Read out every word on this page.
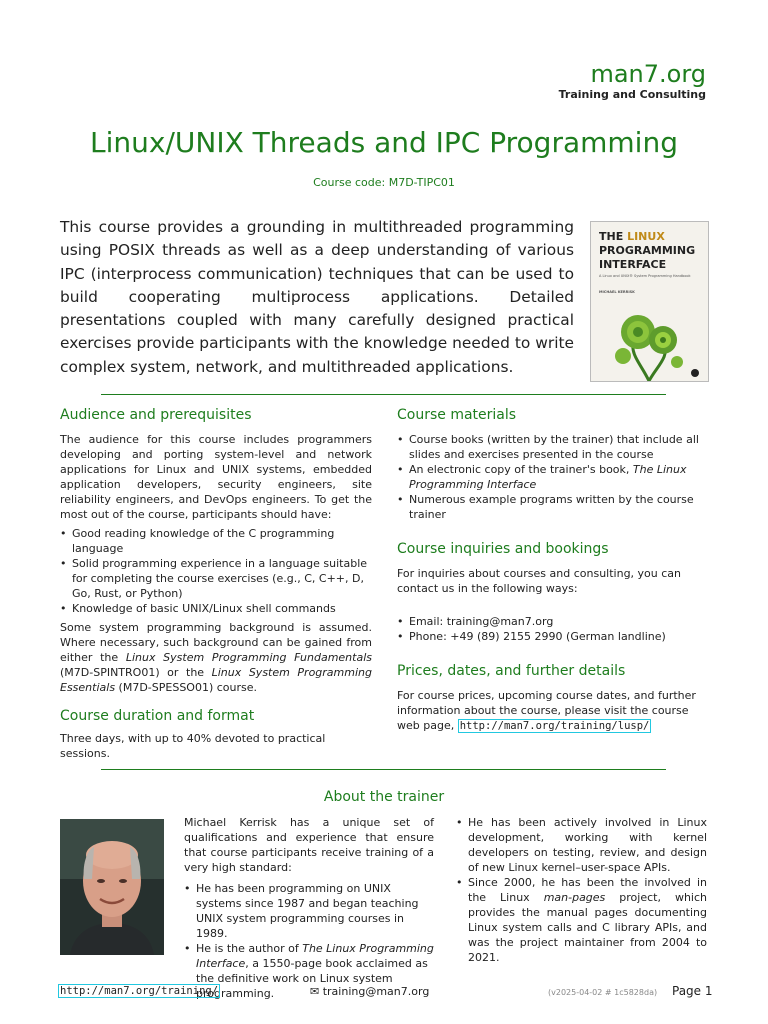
man7.org
Training and Consulting
Linux/UNIX Threads and IPC Programming
Course code: M7D-TIPC01
This course provides a grounding in multithreaded programming using POSIX threads as well as a deep understanding of various IPC (interprocess communication) techniques that can be used to build cooperating multiprocess applications. Detailed presentations coupled with many carefully designed practical exercises provide participants with the knowledge needed to write complex system, network, and multithreaded applications.
THE LINUX
PROGRAMMING
INTERFACE
A Linux and UNIX® System Programming Handbook
MICHAEL KERRISK
Audience and prerequisites
The audience for this course includes programmers developing and porting system-level and network applications for Linux and UNIX systems, embedded application developers, security engineers, site reliability engineers, and DevOps engineers. To get the most out of the course, participants should have:
• Good reading knowledge of the C programming language
• Solid programming experience in a language suitable for completing the course exercises (e.g., C, C++, D, Go, Rust, or Python)
• Knowledge of basic UNIX/Linux shell commands
Some system programming background is assumed. Where necessary, such background can be gained from either the Linux System Programming Fundamentals (M7D-SPINTRO01) or the Linux System Programming Essentials (M7D-SPESSO01) course.
Course duration and format
Three days, with up to 40% devoted to practical sessions.
Course materials
• Course books (written by the trainer) that include all slides and exercises presented in the course
• An electronic copy of the trainer's book, The Linux Programming Interface
• Numerous example programs written by the course trainer
Course inquiries and bookings
For inquiries about courses and consulting, you can contact us in the following ways:
• Email: training@man7.org
• Phone: +49 (89) 2155 2990 (German landline)
Prices, dates, and further details
For course prices, upcoming course dates, and further information about the course, please visit the course web page, http://man7.org/training/lusp/
About the trainer
Michael Kerrisk has a unique set of qualifications and experience that ensure that course participants receive training of a very high standard:
• He has been programming on UNIX systems since 1987 and began teaching UNIX system programming courses in 1989.
• He is the author of The Linux Programming Interface, a 1550-page book acclaimed as the definitive work on Linux system programming.
• He has been actively involved in Linux development, working with kernel developers on testing, review, and design of new Linux kernel–user-space APIs.
• Since 2000, he has been the involved in the Linux man-pages project, which provides the manual pages documenting Linux system calls and C library APIs, and was the project maintainer from 2004 to 2021.
http://man7.org/training/	✉ training@man7.org	(v2025-04-02 # 1c5828da) Page 1
